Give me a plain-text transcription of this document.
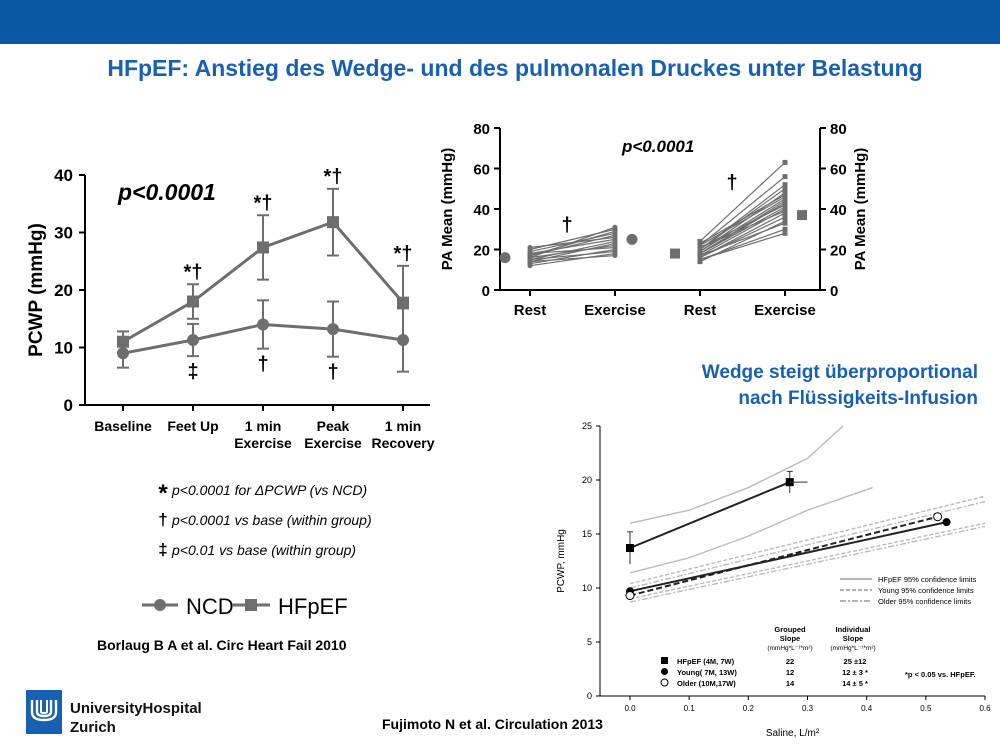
HFpEF: Anstieg des Wedge- und des pulmonalen Druckes unter Belastung
0
10
20
30
40
Baseline Feet Up 1 min
Exercise
Peak
Exercise
1 min
Recovery
PCWP (mmHg)
p<0.0001
*†
*†
*†
*†
‡	†	†
* p<0.0001 for ΔPCWP (vs NCD)
† p<0.0001 vs base (within group)
‡ p<0.01 vs base (within group)
NCD HFpEF
Borlaug B A et al. Circ Heart Fail 2010
0	0
20	20
40	40
60	60
80	80
Rest	Exercise	Rest	Exercise
PA Mean (mmHg)	PA Mean (mmHg)
p<0.0001
†
†
Wedge steigt überproportional
nach Flüssigkeits-Infusion
0
5
10
15
20
25
0.0	0.1	0.2	0.3	0.4	0.5	0.6
Saline, L/m²
PCWP, mmHg	HFpEF 95% confidence limits
Young 95% confidence limits
Older 95% confidence limits
Grouped
Slope
(mmHg*L⁻¹*m²)
Individual
Slope
(mmHg*L⁻¹*m²)
HFpEF (4M, 7W)	22	25 ±12
Young( 7M, 13W)	12	12 ± 3 *
Older (10M,17W)	14	14 ± 5 *
*p < 0.05 vs. HFpEF.
Fujimoto N et al. Circulation 2013
UniversityHospital
Zurich
